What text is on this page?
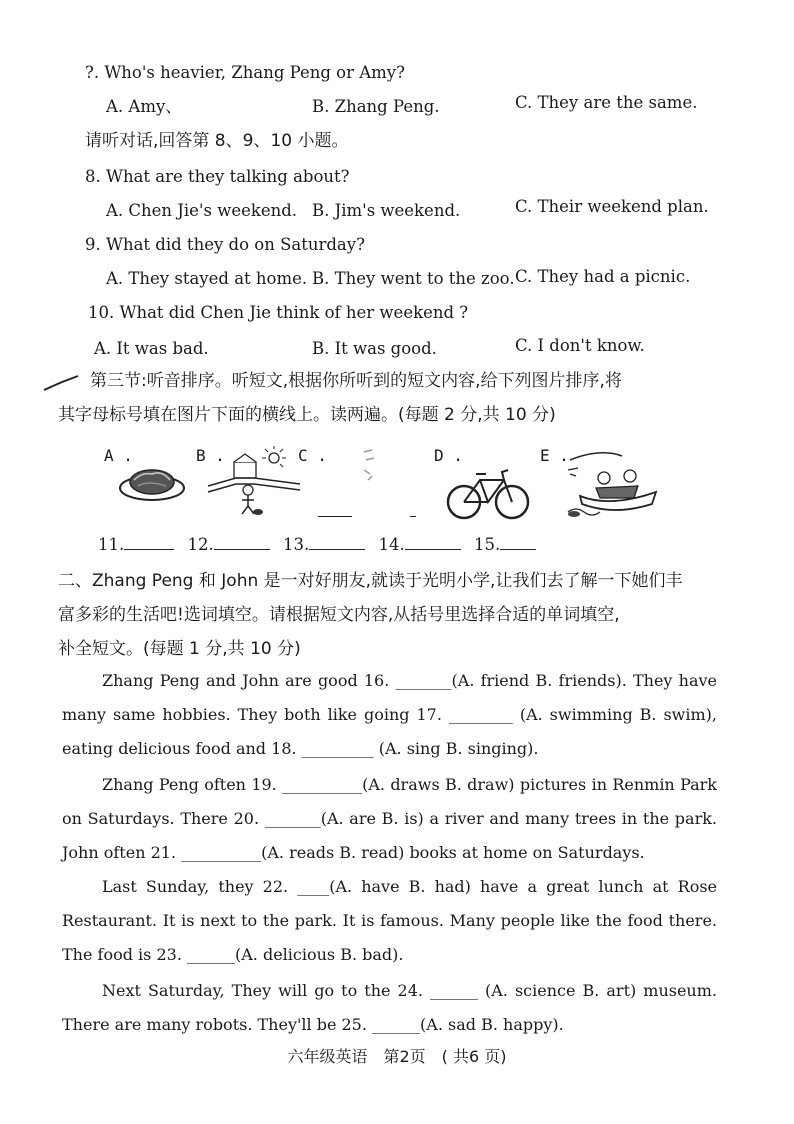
?. Who's heavier, Zhang Peng or Amy?
A. Amy、	B. Zhang Peng.	C. They are the same.
请听对话,回答第 8、9、10 小题。
8. What are they talking about?
A. Chen Jie's weekend. B. Jim's weekend.	C. Their weekend plan.
9. What did they do on Saturday?
A. They stayed at home. B. They went to the zoo. C. They had a picnic.
10. What did Chen Jie think of her weekend ?
A. It was bad.	B. It was good.	C. I don't know.
第三节:听音排序。听短文,根据你所听到的短文内容,给下列图片排序,将
其字母标号填在图片下面的横线上。读两遍。(每题 2 分,共 10 分)
A .	B .	C .	D .	E .
11.	12.	13.	14.	15.
二、Zhang Peng 和 John 是一对好朋友,就读于光明小学,让我们去了解一下她们丰
富多彩的生活吧!选词填空。请根据短文内容,从括号里选择合适的单词填空,
补全短文。(每题 1 分,共 10 分)
Zhang Peng and John are good 16. _______(A. friend B. friends). They have many same hobbies. They both like going 17. ________ (A. swimming B. swim), eating delicious food and 18. _________ (A. sing B. singing).
Zhang Peng often 19. __________(A. draws B. draw) pictures in Renmin Park on Saturdays. There 20. _______(A. are B. is) a river and many trees in the park. John often 21. __________(A. reads B. read) books at home on Saturdays.
Last Sunday, they 22. ____(A. have B. had) have a great lunch at Rose Restaurant. It is next to the park. It is famous. Many people like the food there. The food is 23. ______(A. delicious B. bad).
Next Saturday, They will go to the 24. ______ (A. science B. art) museum. There are many robots. They'll be 25. ______(A. sad B. happy).
六年级英语　第2页　( 共6 页)
